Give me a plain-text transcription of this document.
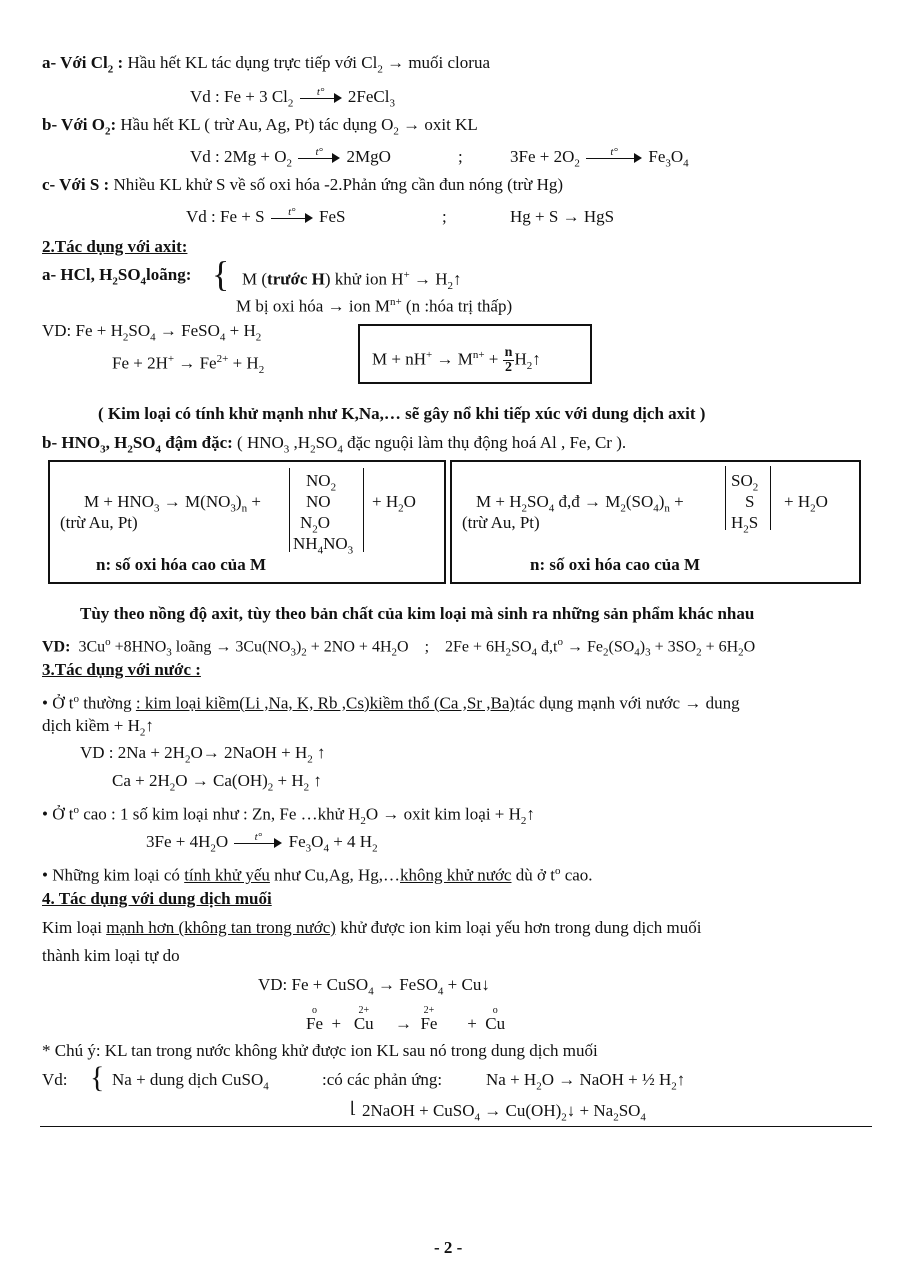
a- Với $Cl_2$ : Hầu hết KL tác dụng trực tiếp với $Cl_2$ → muối clorua
Vd : Fe + 3 $Cl_2$
t°	2FeCl$_3$
b- Với $O_2$: Hầu hết KL ( trừ Au, Ag, Pt) tác dụng $O_2$ → oxit KL
Vd : $2Mg + O_2$
t°	2MgO	;	$3Fe + 2O_2$
t°	$Fe_3O_4$
c- Với S : Nhiều KL khử S về số oxi hóa -2.Phản ứng cần đun nóng (trừ Hg)
Vd : Fe + S	t°	FeS	;	Hg + S → HgS
2.Tác dụng với axit:
a- HCl, $H_2SO_4loãng$: { M (trước H) khử ion $H^+ \to H_2↑$
M bị oxi hóa → ion $M^{n+}$ (n :hóa trị thấp)
VD: $Fe + H_2SO_4$ → FeSO$_4$ + $H_2$
$Fe + 2H^+ \to Fe^{2+} + H_2$
$M + nH^+ \to M^{n+} + \frac{n}{2}$ $H_2↑$
( Kim loại có tính khử mạnh như K,Na,… sẽ gây nổ khi tiếp xúc với dung dịch axit )
b- $HNO_3$, $H_2SO_4$ đậm đặc: ( $HNO_3$ $,H_2SO_4$ đặc nguội làm thụ động hoá Al , Fe, Cr ).
$M + HNO_3 \to M(NO_3)_n$ +
(trừ Au, Pt)
$NO_2$
NO
$N_2O$
$NH_4NO_3$
+ $H_2O$
n: số oxi hóa cao của M
$M + H_2SO_4$ đ,đ → $M_2(SO_4)_n$ +
(trừ Au, Pt)
$SO_2$
S
$H_2S$
+ $H_2O$
n: số oxi hóa cao của M
Tùy theo nồng độ axit, tùy theo bản chất của kim loại mà sinh ra những sản phẩm khác nhau
VD: $3Cu^o +8HNO_3$ loãng → $3Cu(NO_3)_2 + 2NO + 4H_2O$ ; $2Fe + 6H_2SO_4$ $đ,t^o \to Fe_2(SO_4)_3 + 3SO_2 + 6H_2O$
3.Tác dụng với nước :
• Ở $t^o$ thường : kim loại kiềm(Li ,Na, K, Rb ,Cs)kiềm thổ (Ca ,Sr ,Ba)tác dụng mạnh với nước → dung
dịch kiềm + $H_2↑$
VD : $2Na + 2H_2O\to$ 2NaOH + $H_2$ ↑
$Ca + 2H_2O \to Ca(OH)_2 + H_2$ ↑
• Ở $t^o$ cao : 1 số kim loại như : Zn, Fe …khử $H_2O$ → oxit kim loại + $H_2↑$
$3Fe + 4H_2O$	t°	$Fe_3O_4 + 4$ $H_2$
• Những kim loại có tính khử yếu như Cu,Ag, Hg,…không khử nước dù ở $t^o$ cao.
4. Tác dụng với dung dịch muối
Kim loại mạnh hơn (không tan trong nước) khử được ion kim loại yếu hơn trong dung dịch muối
thành kim loại tự do
VD: Fe + CuSO$_4$ → FeSO$_4$ + Cu↓
o
Fe +
2+
Cu →
2+
Fe +
o
Cu
* Chú ý: KL tan trong nước không khử được ion KL sau nó trong dung dịch muối
Vd: { Na + dung dịch CuSO$_4$	:có các phản ứng:	$Na + H_2O$ → NaOH + ½ $H_2↑$
⌊ 2NaOH + CuSO$_4$ → $Cu(OH)_2↓ + Na_2SO_4$
- 2 -
